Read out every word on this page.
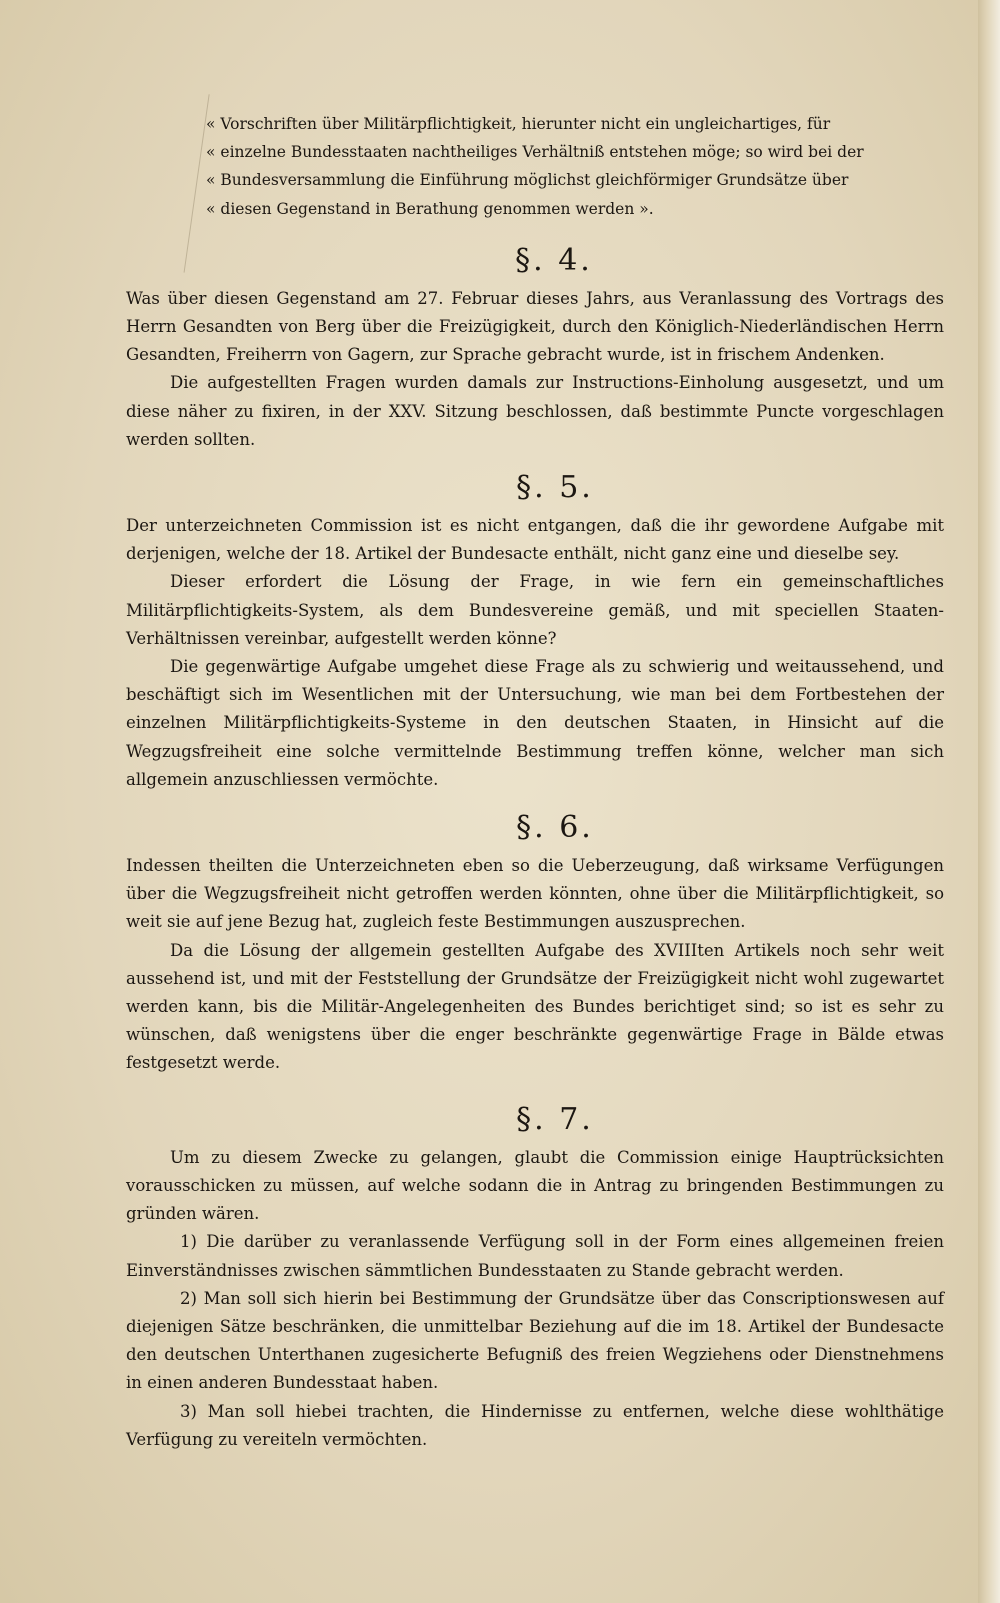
« Vorschriften über Militärpflichtigkeit, hierunter nicht ein ungleichartiges, für

« einzelne Bundesstaaten nachtheiliges Verhältniß entstehen möge; so wird bei der

« Bundesversammlung die Einführung möglichst gleichförmiger Grundsätze über

« diesen Gegenstand in Berathung genommen werden ».

§. 4.

Was über diesen Gegenstand am 27. Februar dieses Jahrs, aus Veranlassung des Vortrags des Herrn Gesandten von Berg über die Freizügigkeit, durch den Königlich-Niederländischen Herrn Gesandten, Freiherrn von Gagern, zur Sprache gebracht wurde, ist in frischem Andenken.

Die aufgestellten Fragen wurden damals zur Instructions-Einholung ausgesetzt, und um diese näher zu fixiren, in der XXV. Sitzung beschlossen, daß bestimmte Puncte vorgeschlagen werden sollten.

§. 5.

Der unterzeichneten Commission ist es nicht entgangen, daß die ihr gewordene Aufgabe mit derjenigen, welche der 18. Artikel der Bundesacte enthält, nicht ganz eine und dieselbe sey.

Dieser erfordert die Lösung der Frage, in wie fern ein gemeinschaftliches Militärpflichtigkeits-System, als dem Bundesvereine gemäß, und mit speciellen Staaten-Verhältnissen vereinbar, aufgestellt werden könne?

Die gegenwärtige Aufgabe umgehet diese Frage als zu schwierig und weitaussehend, und beschäftigt sich im Wesentlichen mit der Untersuchung, wie man bei dem Fortbestehen der einzelnen Militärpflichtigkeits-Systeme in den deutschen Staaten, in Hinsicht auf die Wegzugsfreiheit eine solche vermittelnde Bestimmung treffen könne, welcher man sich allgemein anzuschliessen vermöchte.

§. 6.

Indessen theilten die Unterzeichneten eben so die Ueberzeugung, daß wirksame Verfügungen über die Wegzugsfreiheit nicht getroffen werden könnten, ohne über die Militärpflichtigkeit, so weit sie auf jene Bezug hat, zugleich feste Bestimmungen auszusprechen.

Da die Lösung der allgemein gestellten Aufgabe des XVIIIten Artikels noch sehr weit aussehend ist, und mit der Feststellung der Grundsätze der Freizügigkeit nicht wohl zugewartet werden kann, bis die Militär-Angelegenheiten des Bundes berichtiget sind; so ist es sehr zu wünschen, daß wenigstens über die enger beschränkte gegenwärtige Frage in Bälde etwas festgesetzt werde.

§. 7.

Um zu diesem Zwecke zu gelangen, glaubt die Commission einige Hauptrücksichten vorausschicken zu müssen, auf welche sodann die in Antrag zu bringenden Bestimmungen zu gründen wären.

1) Die darüber zu veranlassende Verfügung soll in der Form eines allgemeinen freien Einverständnisses zwischen sämmtlichen Bundesstaaten zu Stande gebracht werden.

2) Man soll sich hierin bei Bestimmung der Grundsätze über das Conscriptionswesen auf diejenigen Sätze beschränken, die unmittelbar Beziehung auf die im 18. Artikel der Bundesacte den deutschen Unterthanen zugesicherte Befugniß des freien Wegziehens oder Dienstnehmens in einen anderen Bundesstaat haben.

3) Man soll hiebei trachten, die Hindernisse zu entfernen, welche diese wohlthätige Verfügung zu vereiteln vermöchten.
